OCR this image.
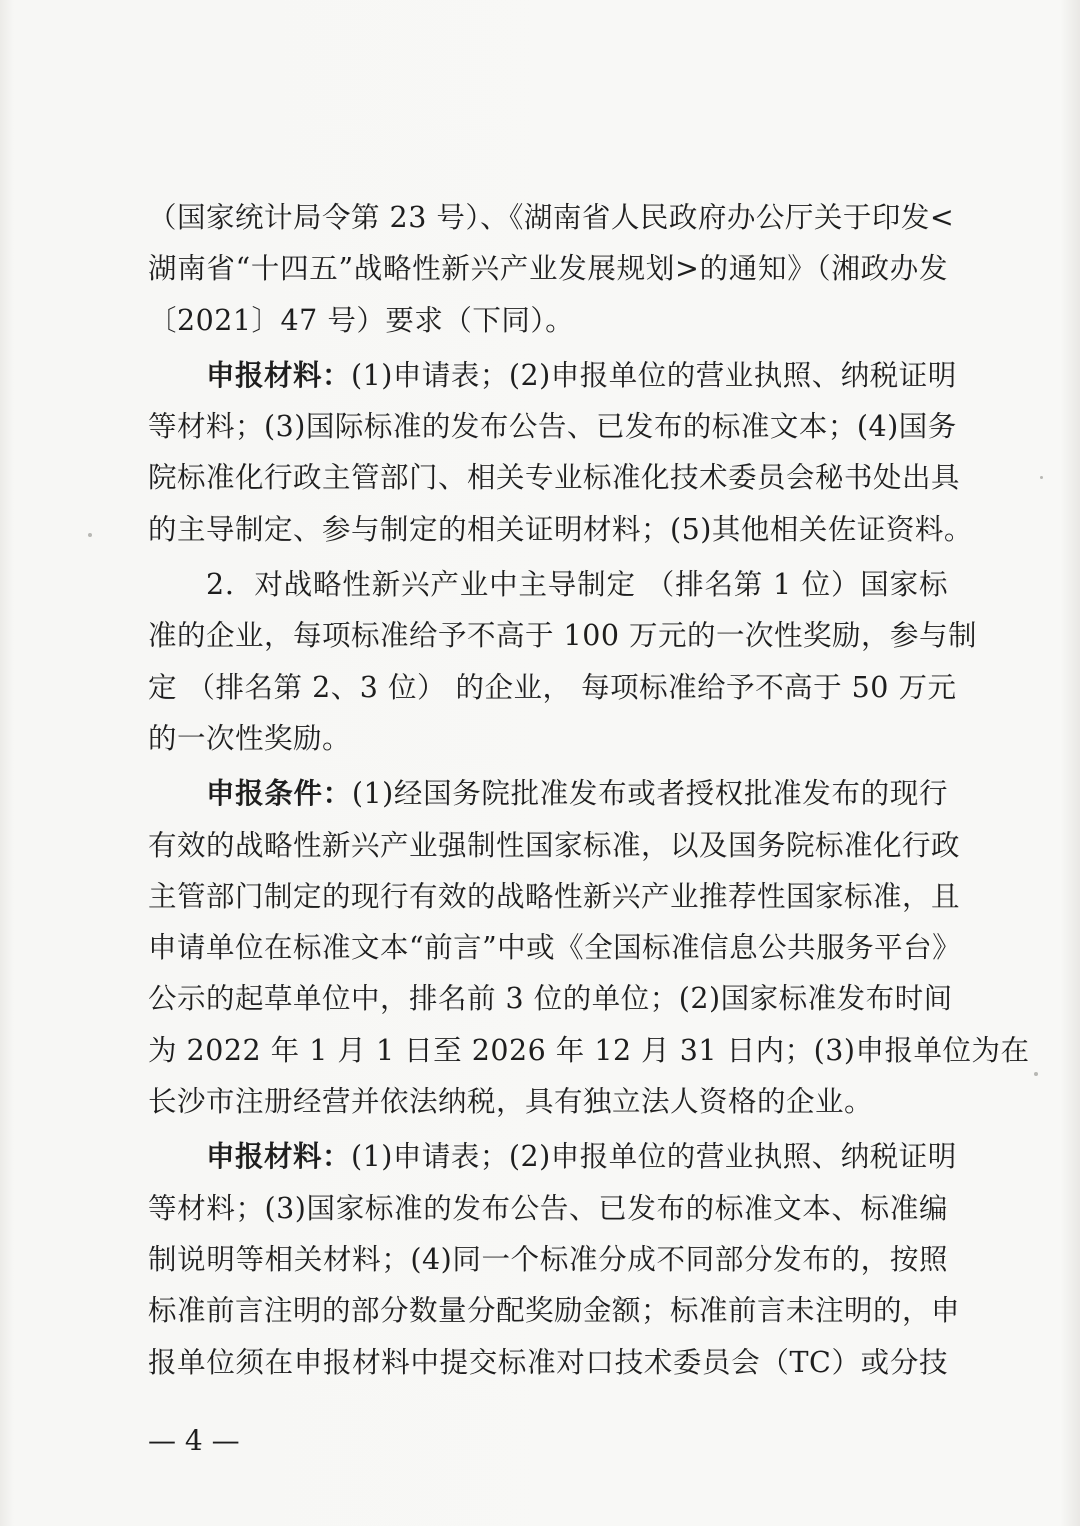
（国家统计局令第 23 号）、《湖南省人民政府办公厅关于印发<
湖南省“十四五”战略性新兴产业发展规划>的通知》（湘政办发
〔2021〕47 号）要求（下同）。
申报材料：(1)申请表；(2)申报单位的营业执照、纳税证明
等材料；(3)国际标准的发布公告、已发布的标准文本；(4)国务
院标准化行政主管部门、相关专业标准化技术委员会秘书处出具
的主导制定、参与制定的相关证明材料；(5)其他相关佐证资料。
2．对战略性新兴产业中主导制定 （排名第 1 位）国家标
准的企业，每项标准给予不高于 100 万元的一次性奖励，参与制
定 （排名第 2、3 位） 的企业， 每项标准给予不高于 50 万元
的一次性奖励。
申报条件：(1)经国务院批准发布或者授权批准发布的现行
有效的战略性新兴产业强制性国家标准，以及国务院标准化行政
主管部门制定的现行有效的战略性新兴产业推荐性国家标准，且
申请单位在标准文本“前言”中或《全国标准信息公共服务平台》
公示的起草单位中，排名前 3 位的单位；(2)国家标准发布时间
为 2022 年 1 月 1 日至 2026 年 12 月 31 日内；(3)申报单位为在
长沙市注册经营并依法纳税，具有独立法人资格的企业。
申报材料：(1)申请表；(2)申报单位的营业执照、纳税证明
等材料；(3)国家标准的发布公告、已发布的标准文本、标准编
制说明等相关材料；(4)同一个标准分成不同部分发布的，按照
标准前言注明的部分数量分配奖励金额；标准前言未注明的，申
报单位须在申报材料中提交标准对口技术委员会（TC）或分技
— 4 —
